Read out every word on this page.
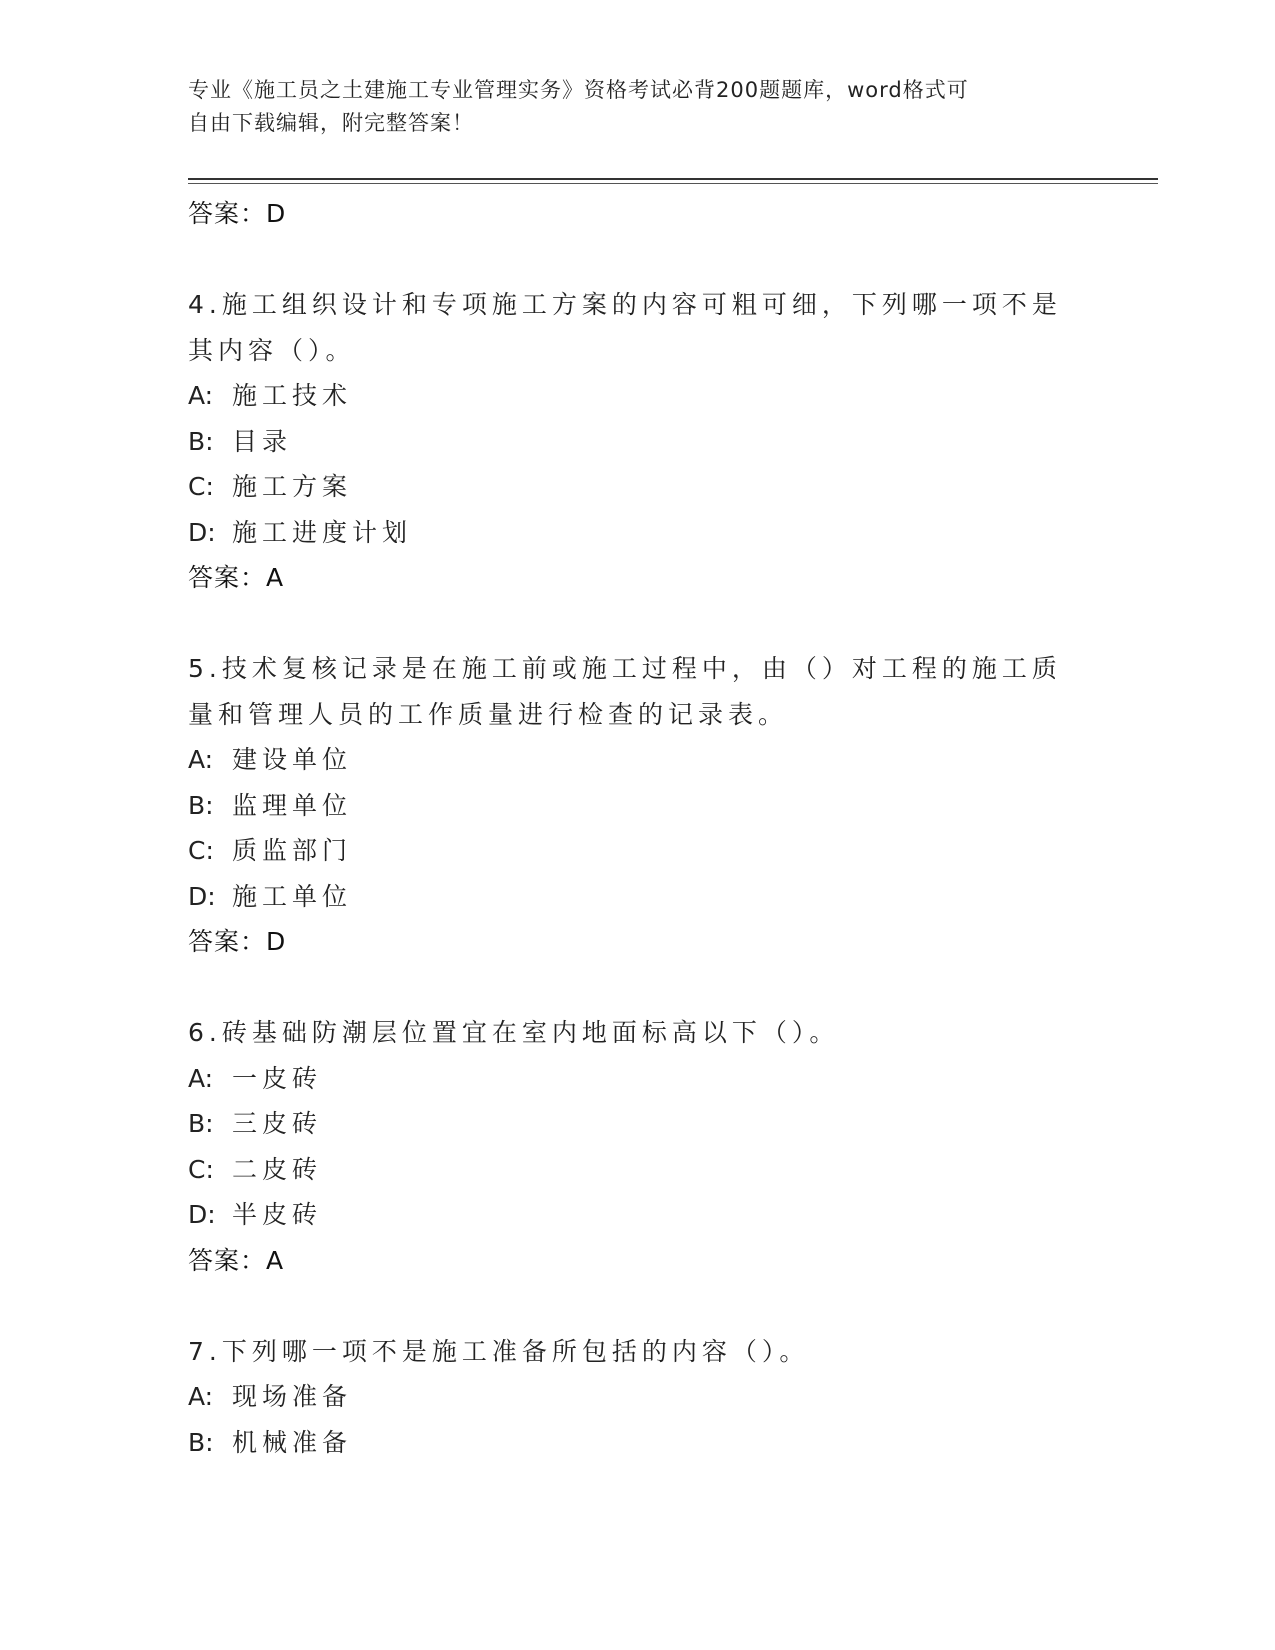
专业《施工员之土建施工专业管理实务》资格考试必背200题题库，word格式可
自由下载编辑，附完整答案！
答案：D
4.施工组织设计和专项施工方案的内容可粗可细，下列哪一项不是其内容（）。
A: 施工技术
B: 目录
C: 施工方案
D: 施工进度计划
答案：A
5.技术复核记录是在施工前或施工过程中，由（）对工程的施工质量和管理人员的工作质量进行检查的记录表。
A: 建设单位
B: 监理单位
C: 质监部门
D: 施工单位
答案：D
6.砖基础防潮层位置宜在室内地面标高以下（）。
A: 一皮砖
B: 三皮砖
C: 二皮砖
D: 半皮砖
答案：A
7.下列哪一项不是施工准备所包括的内容（）。
A: 现场准备
B: 机械准备
